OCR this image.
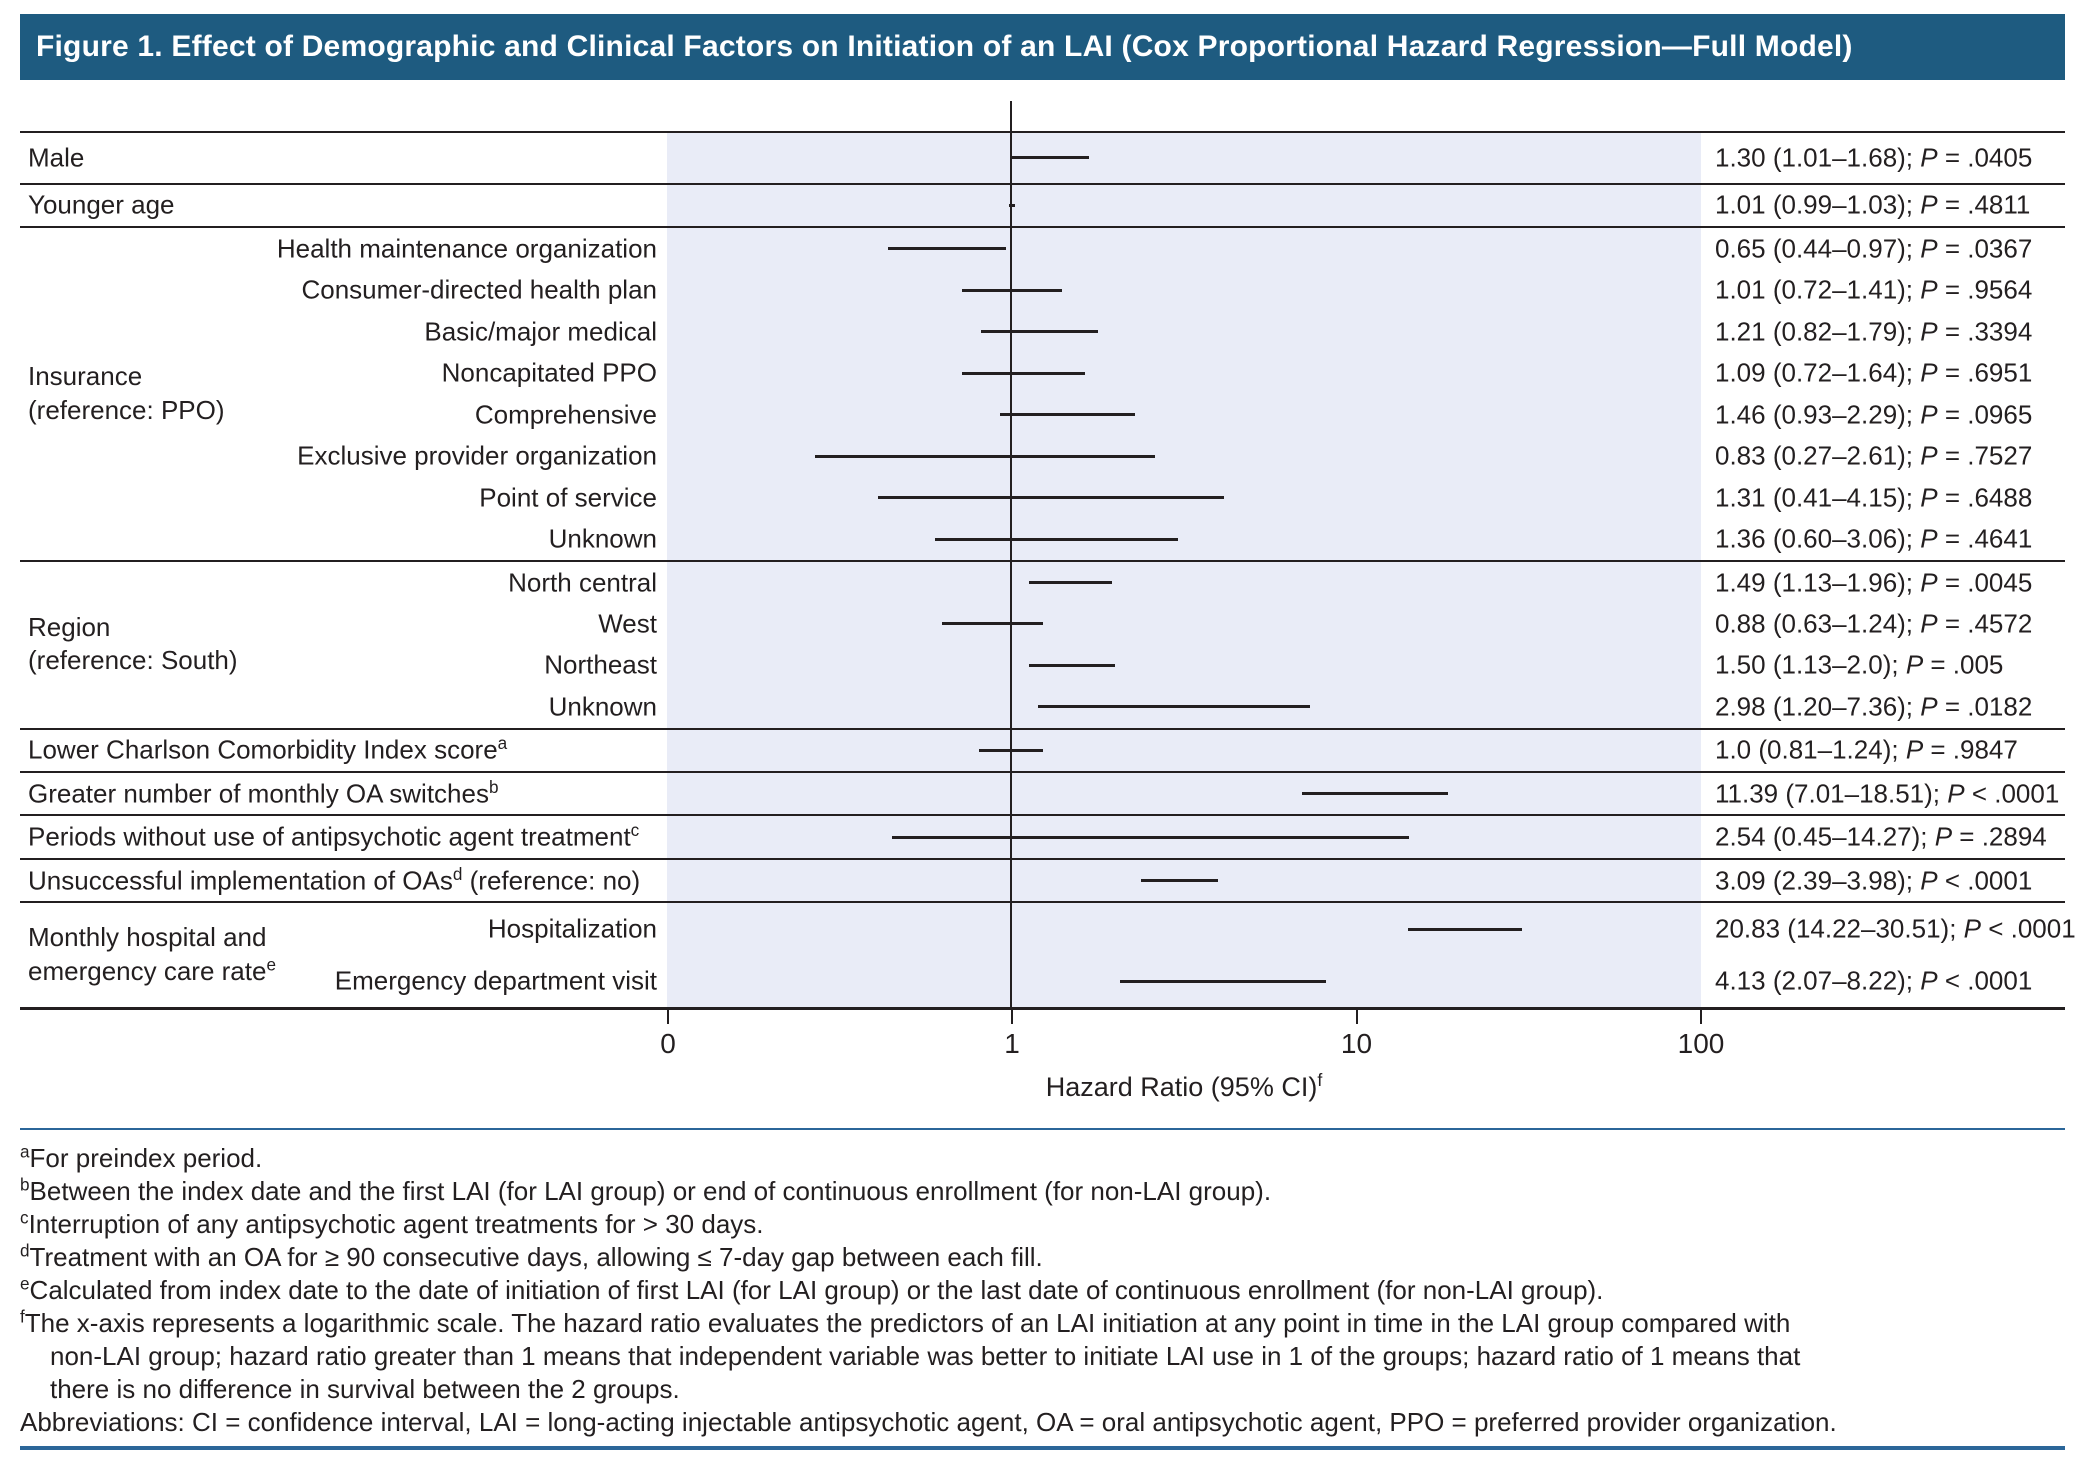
Figure 1. Effect of Demographic and Clinical Factors on Initiation of an LAI (Cox Proportional Hazard Regression—Full Model)
Male	1.30 (1.01–1.68); P = .0405
Younger age	1.01 (0.99–1.03); P = .4811
Insurance
(reference: PPO)
Health maintenance organization	0.65 (0.44–0.97); P = .0367
Consumer-directed health plan	1.01 (0.72–1.41); P = .9564
Basic/major medical	1.21 (0.82–1.79); P = .3394
Noncapitated PPO	1.09 (0.72–1.64); P = .6951
Comprehensive	1.46 (0.93–2.29); P = .0965
Exclusive provider organization	0.83 (0.27–2.61); P = .7527
Point of service	1.31 (0.41–4.15); P = .6488
Unknown	1.36 (0.60–3.06); P = .4641
Region
(reference: South)
North central	1.49 (1.13–1.96); P = .0045
West	0.88 (0.63–1.24); P = .4572
Northeast	1.50 (1.13–2.0); P = .005
Unknown	2.98 (1.20–7.36); P = .0182
Lower Charlson Comorbidity Index score$^a$	1.0 (0.81–1.24); P = .9847
Greater number of monthly OA switches$^b$	11.39 (7.01–18.51); P < .0001
Periods without use of antipsychotic agent treatment$^c$	2.54 (0.45–14.27); P = .2894
Unsuccessful implementation of OAs$^d$ (reference: no)	3.09 (2.39–3.98); P < .0001
Monthly hospital and
emergency care rate$^e$
Hospitalization	20.83 (14.22–30.51); P < .0001
Emergency department visit	4.13 (2.07–8.22); P < .0001
Hazard Ratio (95% CI)$^f$
0	1	10	100
$^a$For preindex period.
$^b$Between the index date and the first LAI (for LAI group) or end of continuous enrollment (for non-LAI group).
$^c$Interruption of any antipsychotic agent treatments for > 30 days.
$^d$Treatment with an OA for ≥ 90 consecutive days, allowing ≤ 7-day gap between each fill.
$^e$Calculated from index date to the date of initiation of first LAI (for LAI group) or the last date of continuous enrollment (for non-LAI group).
$^f$The x-axis represents a logarithmic scale. The hazard ratio evaluates the predictors of an LAI initiation at any point in time in the LAI group compared with
non-LAI group; hazard ratio greater than 1 means that independent variable was better to initiate LAI use in 1 of the groups; hazard ratio of 1 means that
there is no difference in survival between the 2 groups.
Abbreviations: CI = confidence interval, LAI = long-acting injectable antipsychotic agent, OA = oral antipsychotic agent, PPO = preferred provider organization.
